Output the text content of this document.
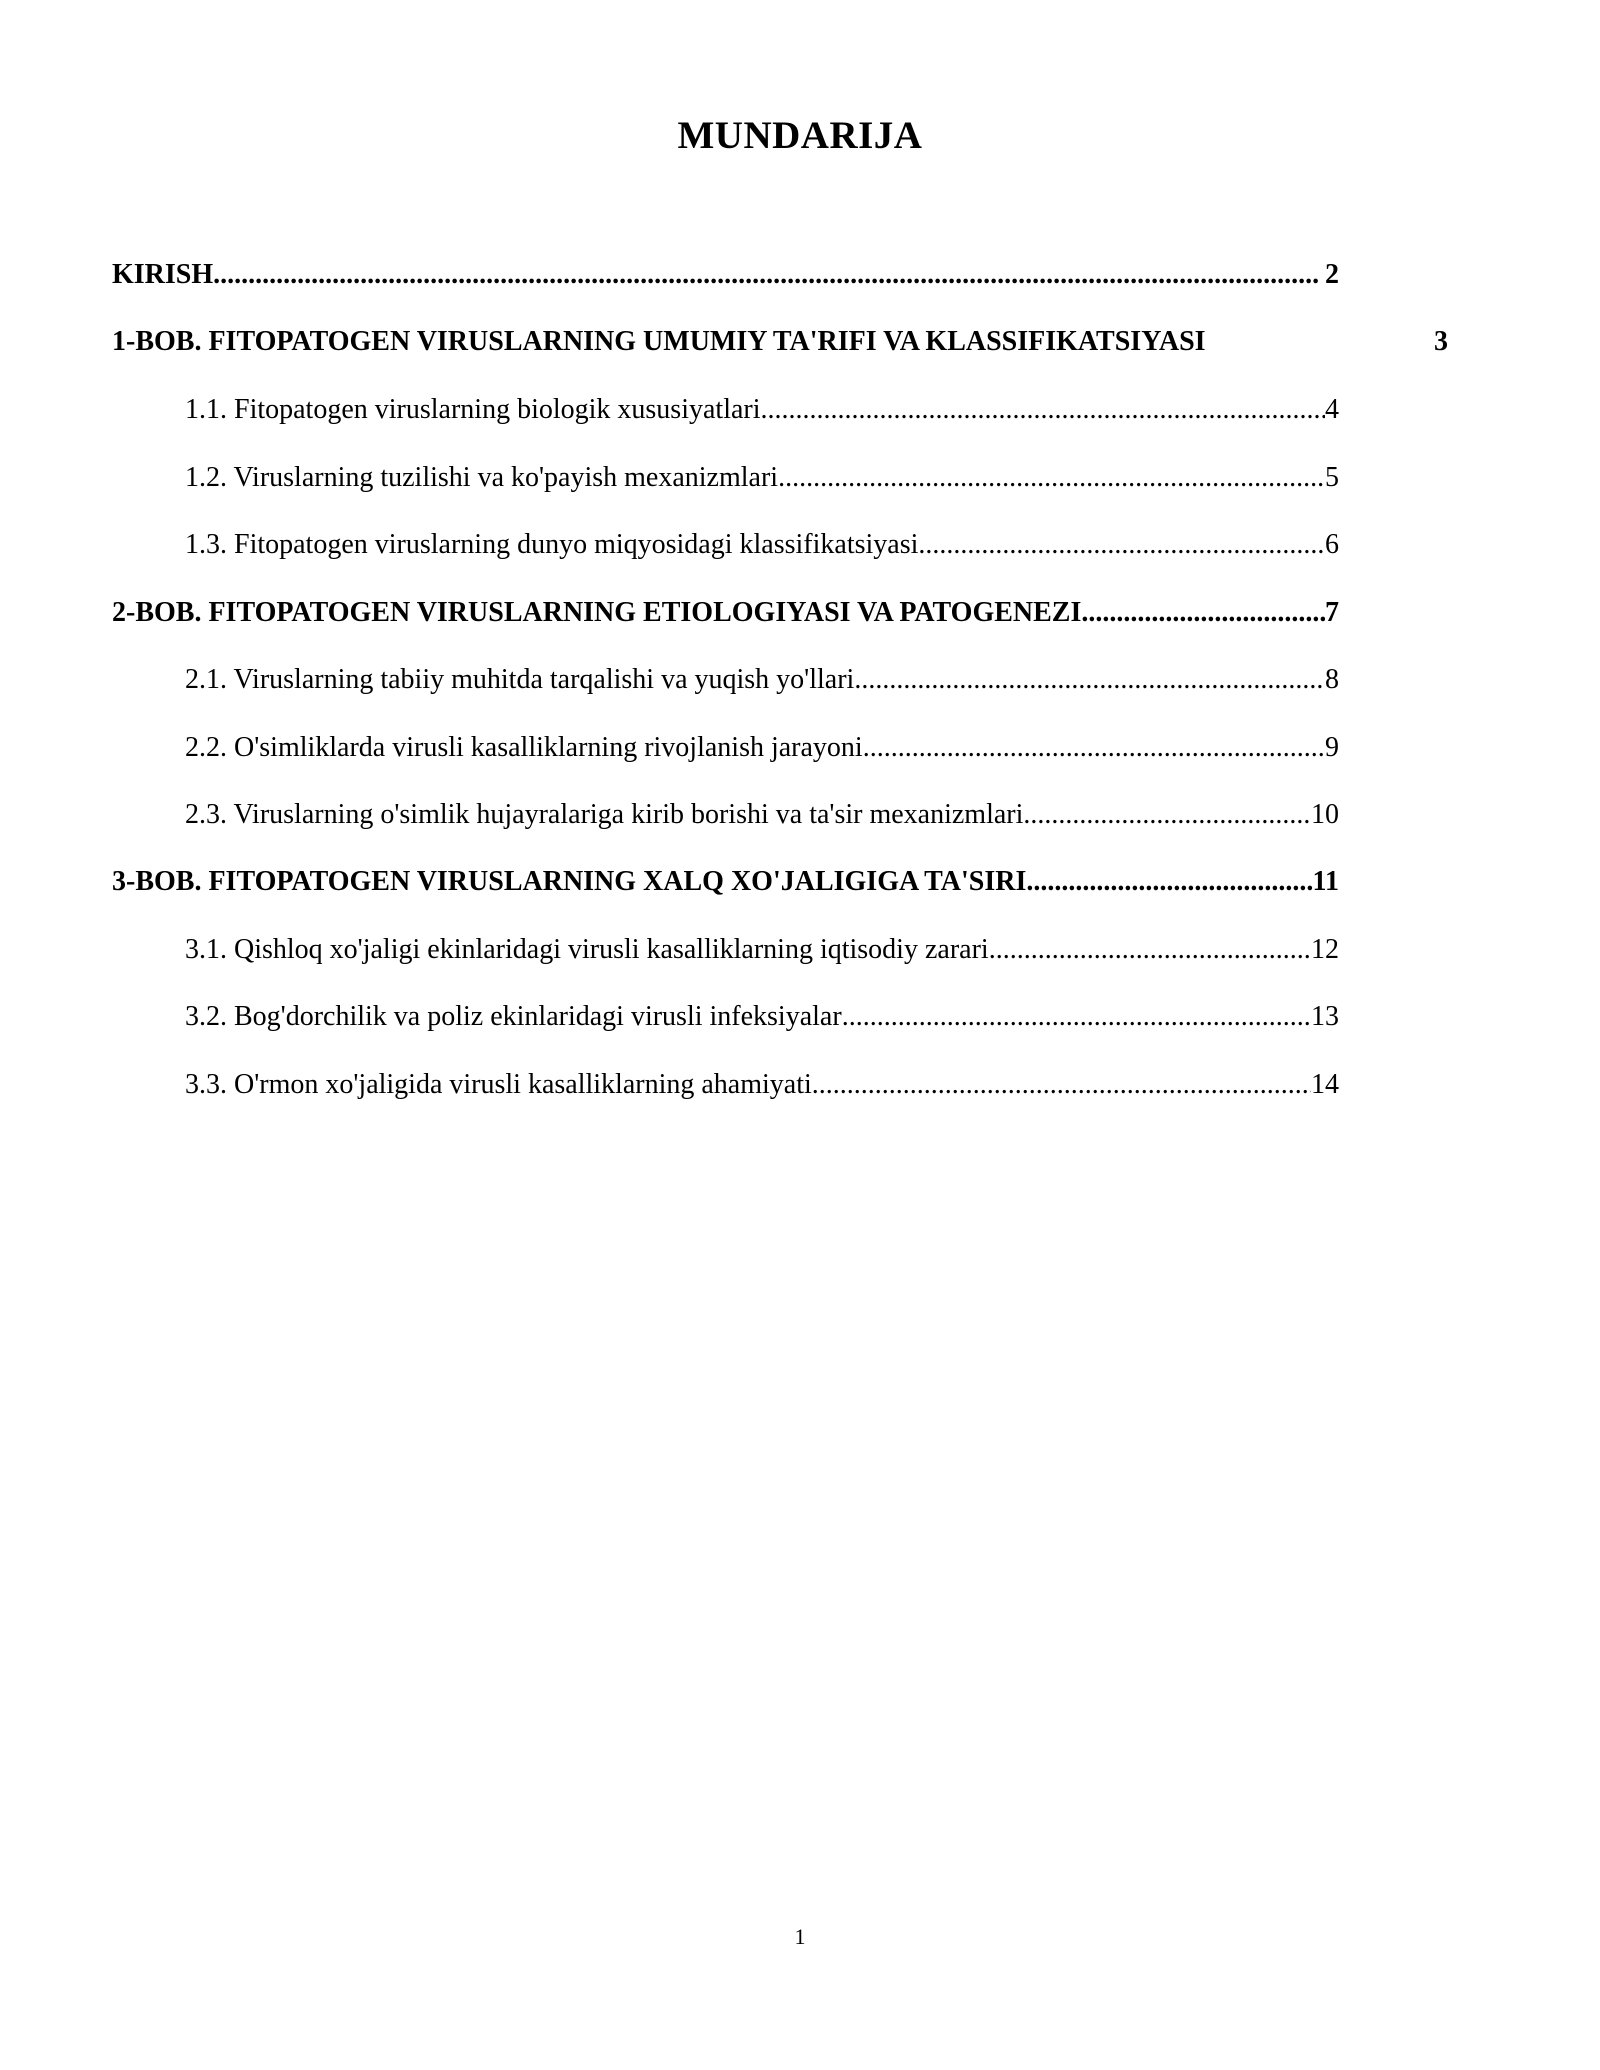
MUNDARIJA
KIRISH .....	2
1-BOB. FITOPATOGEN VIRUSLARNING UMUMIY TA'RIFI VA KLASSIFIKATSIYASI	3
1.1. Fitopatogen viruslarning biologik xususiyatlari .....	4
1.2. Viruslarning tuzilishi va ko'payish mexanizmlari .....	5
1.3. Fitopatogen viruslarning dunyo miqyosidagi klassifikatsiyasi .....	6
2-BOB. FITOPATOGEN VIRUSLARNING ETIOLOGIYASI VA PATOGENEZI .....	7
2.1. Viruslarning tabiiy muhitda tarqalishi va yuqish yo'llari .....	8
2.2. O'simliklarda virusli kasalliklarning rivojlanish jarayoni .....	9
2.3. Viruslarning o'simlik hujayralariga kirib borishi va ta'sir mexanizmlari .....	10
3-BOB. FITOPATOGEN VIRUSLARNING XALQ XO'JALIGIGA TA'SIRI .....	11
3.1. Qishloq xo'jaligi ekinlaridagi virusli kasalliklarning iqtisodiy zarari .....	12
3.2. Bog'dorchilik va poliz ekinlaridagi virusli infeksiyalar .....	13
3.3. O'rmon xo'jaligida virusli kasalliklarning ahamiyati .....	14
1
